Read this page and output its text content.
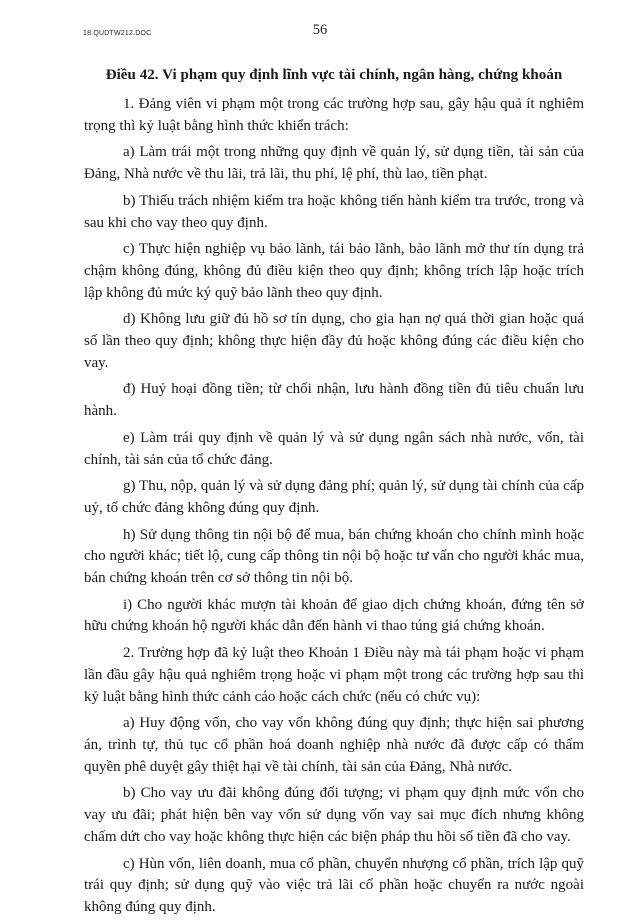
18.QUDTW212.DOC	56
Điều 42. Vi phạm quy định lĩnh vực tài chính, ngân hàng, chứng khoán

1. Đảng viên vi phạm một trong các trường hợp sau, gây hậu quả ít nghiêm trọng thì kỷ luật bằng hình thức khiển trách:

a) Làm trái một trong những quy định về quản lý, sử dụng tiền, tài sản của Đảng, Nhà nước về thu lãi, trả lãi, thu phí, lệ phí, thù lao, tiền phạt.

b) Thiếu trách nhiệm kiểm tra hoặc không tiến hành kiểm tra trước, trong và sau khi cho vay theo quy định.

c) Thực hiện nghiệp vụ bảo lãnh, tái bảo lãnh, bảo lãnh mở thư tín dụng trả chậm không đúng, không đủ điều kiện theo quy định; không trích lập hoặc trích lập không đủ mức ký quỹ bảo lãnh theo quy định.

d) Không lưu giữ đủ hồ sơ tín dụng, cho gia hạn nợ quá thời gian hoặc quá số lần theo quy định; không thực hiện đầy đủ hoặc không đúng các điều kiện cho vay.

đ) Huỷ hoại đồng tiền; từ chối nhận, lưu hành đồng tiền đủ tiêu chuẩn lưu hành.

e) Làm trái quy định về quản lý và sử dụng ngân sách nhà nước, vốn, tài chính, tài sản của tổ chức đảng.

g) Thu, nộp, quản lý và sử dụng đảng phí; quản lý, sử dụng tài chính của cấp uỷ, tổ chức đảng không đúng quy định.

h) Sử dụng thông tin nội bộ để mua, bán chứng khoán cho chính mình hoặc cho người khác; tiết lộ, cung cấp thông tin nội bộ hoặc tư vấn cho người khác mua, bán chứng khoán trên cơ sở thông tin nội bộ.

i) Cho người khác mượn tài khoản để giao dịch chứng khoán, đứng tên sở hữu chứng khoán hộ người khác dẫn đến hành vi thao túng giá chứng khoán.

2. Trường hợp đã kỷ luật theo Khoản 1 Điều này mà tái phạm hoặc vi phạm lần đầu gây hậu quả nghiêm trọng hoặc vi phạm một trong các trường hợp sau thì kỷ luật bằng hình thức cảnh cáo hoặc cách chức (nếu có chức vụ):

a) Huy động vốn, cho vay vốn không đúng quy định; thực hiện sai phương án, trình tự, thủ tục cổ phần hoá doanh nghiệp nhà nước đã được cấp có thẩm quyền phê duyệt gây thiệt hại về tài chính, tài sản của Đảng, Nhà nước.

b) Cho vay ưu đãi không đúng đối tượng; vi phạm quy định mức vốn cho vay ưu đãi; phát hiện bên vay vốn sử dụng vốn vay sai mục đích nhưng không chấm dứt cho vay hoặc không thực hiện các biện pháp thu hồi số tiền đã cho vay.

c) Hùn vốn, liên doanh, mua cổ phần, chuyển nhượng cổ phần, trích lập quỹ trái quy định; sử dụng quỹ vào việc trả lãi cổ phần hoặc chuyển ra nước ngoài không đúng quy định.
